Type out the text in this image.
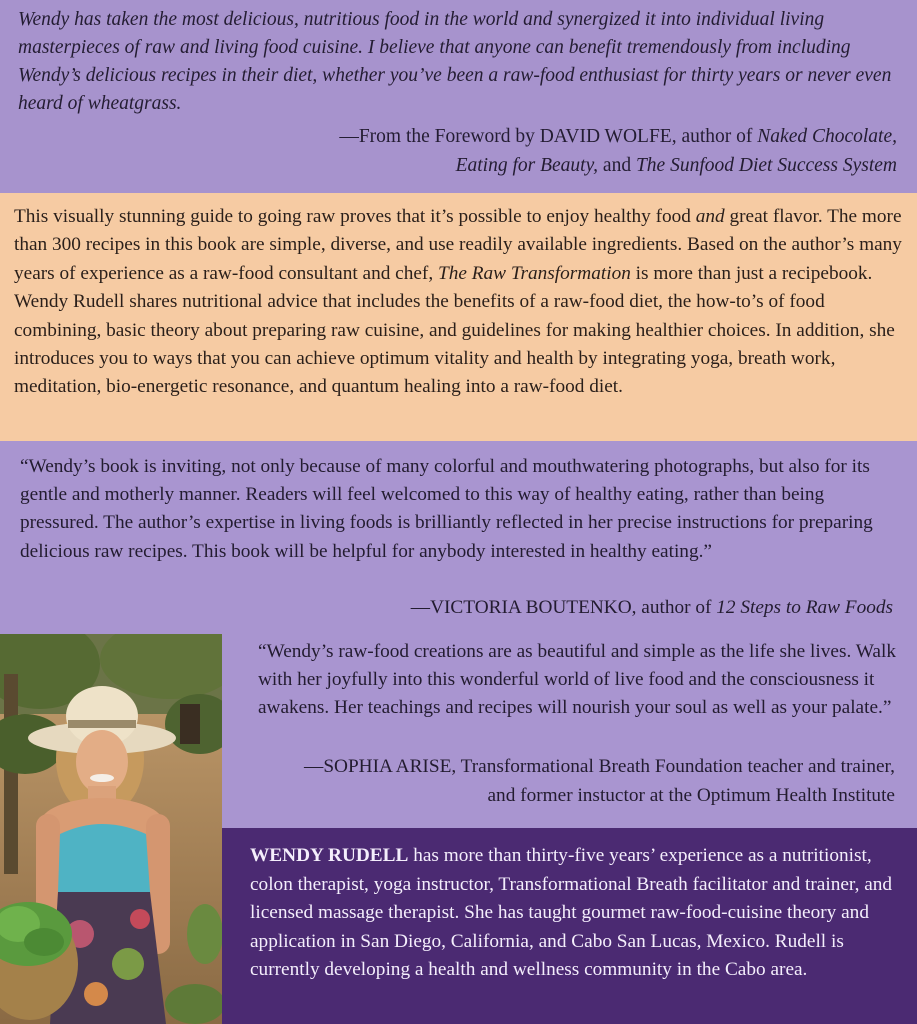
Wendy has taken the most delicious, nutritious food in the world and synergized it into individual living masterpieces of raw and living food cuisine. I believe that anyone can benefit tremendously from including Wendy’s delicious recipes in their diet, whether you’ve been a raw-food enthusiast for thirty years or never even heard of wheatgrass.
—From the Foreword by DAVID WOLFE, author of Naked Chocolate,
Eating for Beauty, and The Sunfood Diet Success System

This visually stunning guide to going raw proves that it’s possible to enjoy healthy food and great flavor. The more than 300 recipes in this book are simple, diverse, and use readily available ingredients. Based on the author’s many years of experience as a raw-food consultant and chef, The Raw Transformation is more than just a recipebook. Wendy Rudell shares nutritional advice that includes the benefits of a raw-food diet, the how-to’s of food combining, basic theory about preparing raw cuisine, and guidelines for making healthier choices. In addition, she introduces you to ways that you can achieve optimum vitality and health by integrating yoga, breath work, meditation, bio-energetic resonance, and quantum healing into a raw-food diet.

“Wendy’s book is inviting, not only because of many colorful and mouthwatering photographs, but also for its gentle and motherly manner. Readers will feel welcomed to this way of healthy eating, rather than being pressured. The author’s expertise in living foods is brilliantly reflected in her precise instructions for preparing delicious raw recipes. This book will be helpful for anybody interested in healthy eating.”
—VICTORIA BOUTENKO, author of 12 Steps to Raw Foods
“Wendy’s raw-food creations are as beautiful and simple as the life she lives. Walk with her joyfully into this wonderful world of live food and the consciousness it awakens. Her teachings and recipes will nourish your soul as well as your palate.”
—SOPHIA ARISE, Transformational Breath Foundation teacher and trainer, and former instuctor at the Optimum Health Institute

WENDY RUDELL has more than thirty-five years’ experience as a nutritionist, colon therapist, yoga instructor, Transformational Breath facilitator and trainer, and licensed massage therapist. She has taught gourmet raw-food-cuisine theory and application in San Diego, California, and Cabo San Lucas, Mexico. Rudell is currently developing a health and wellness community in the Cabo area.
